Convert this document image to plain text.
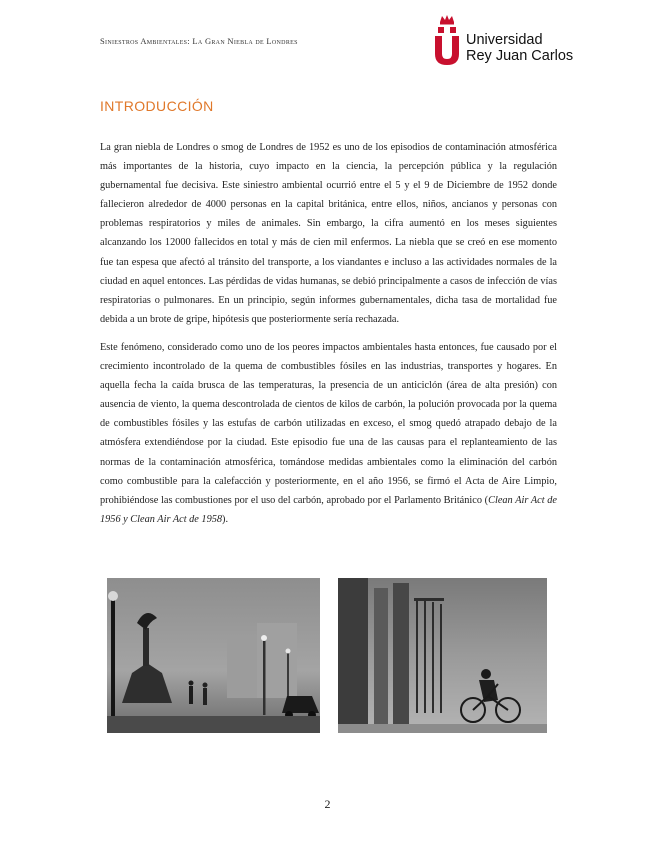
Siniestros Ambientales: La Gran Niebla de Londres	Universidad
Rey Juan Carlos
INTRODUCCIÓN

La gran niebla de Londres o smog de Londres de 1952 es uno de los episodios de contaminación atmosférica más importantes de la historia, cuyo impacto en la ciencia, la percepción pública y la regulación gubernamental fue decisiva. Este siniestro ambiental ocurrió entre el 5 y el 9 de Diciembre de 1952 donde fallecieron alrededor de 4000 personas en la capital británica, entre ellos, niños, ancianos y personas con problemas respiratorios y miles de animales. Sin embargo, la cifra aumentó en los meses siguientes alcanzando los 12000 fallecidos en total y más de cien mil enfermos. La niebla que se creó en ese momento fue tan espesa que afectó al tránsito del transporte, a los viandantes e incluso a las actividades normales de la ciudad en aquel entonces. Las pérdidas de vidas humanas, se debió principalmente a casos de infección de vías respiratorias o pulmonares. En un principio, según informes gubernamentales, dicha tasa de mortalidad fue debida a un brote de gripe, hipótesis que posteriormente sería rechazada.

Este fenómeno, considerado como uno de los peores impactos ambientales hasta entonces, fue causado por el crecimiento incontrolado de la quema de combustibles fósiles en las industrias, transportes y hogares. En aquella fecha la caída brusca de las temperaturas, la presencia de un anticiclón (área de alta presión) con ausencia de viento, la quema descontrolada de cientos de kilos de carbón, la polución provocada por la quema de combustibles fósiles y las estufas de carbón utilizadas en exceso, el smog quedó atrapado debajo de la atmósfera extendiéndose por la ciudad. Este episodio fue una de las causas para el replanteamiento de las normas de la contaminación atmosférica, tomándose medidas ambientales como la eliminación del carbón como combustible para la calefacción y posteriormente, en el año 1956, se firmó el Acta de Aire Limpio, prohibiéndose las combustiones por el uso del carbón, aprobado por el Parlamento Británico (Clean Air Act de 1956 y Clean Air Act de 1958).

2
